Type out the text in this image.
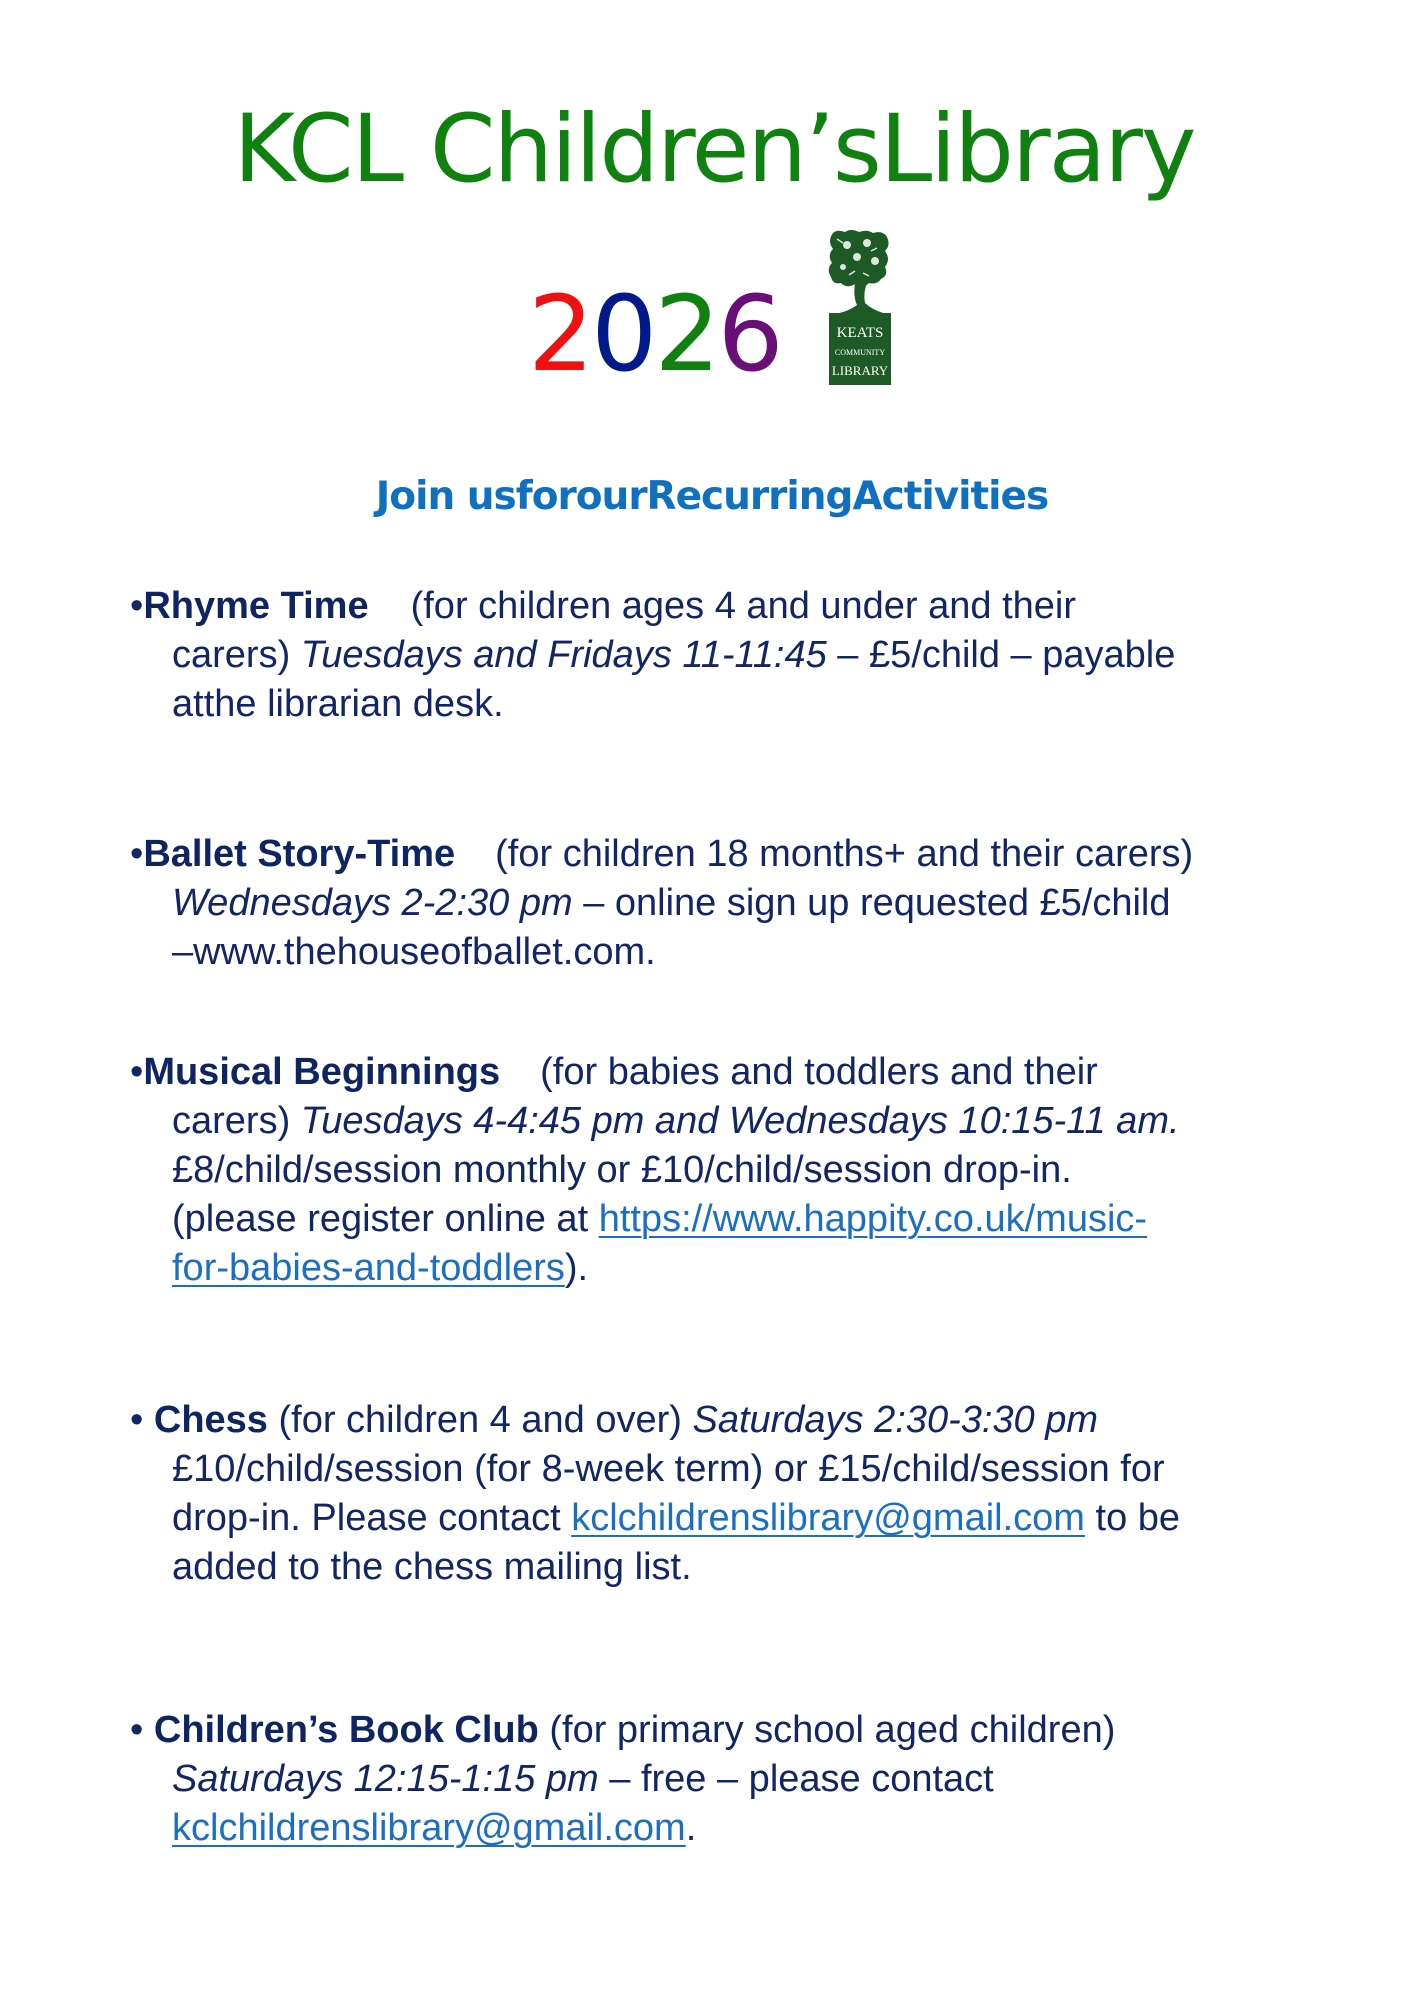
KCL Children’sLibrary
2026	KEATS
COMMUNITY
LIBRARY
Join usforourRecurringActivities
•Rhyme Time (for children ages 4 and under and their
carers) Tuesdays and Fridays 11-11:45 – £5/child – payable
atthe librarian desk.
•Ballet Story-Time (for children 18 months+ and their carers)
Wednesdays 2-2:30 pm – online sign up requested £5/child
–www.thehouseofballet.com.
•Musical Beginnings (for babies and toddlers and their
carers) Tuesdays 4-4:45 pm and Wednesdays 10:15-11 am.
£8/child/session monthly or £10/child/session drop-in.
(please register online at https://www.happity.co.uk/music-
for-babies-and-toddlers).
• Chess (for children 4 and over) Saturdays 2:30-3:30 pm
£10/child/session (for 8-week term) or £15/child/session for
drop-in. Please contact kclchildrenslibrary@gmail.com to be
added to the chess mailing list.
• Children’s Book Club (for primary school aged children)
Saturdays 12:15-1:15 pm – free – please contact
kclchildrenslibrary@gmail.com.
